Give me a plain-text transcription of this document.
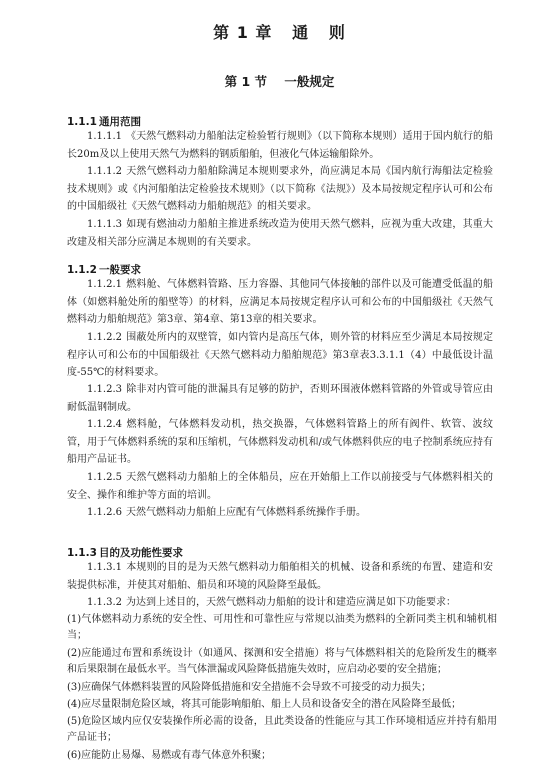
第 1 章   通   则
第 1 节    一般规定
1.1.1 通用范围
1.1.1.1 《天然气燃料动力船舶法定检验暂行规则》（以下简称本规则）适用于国内航行的船长20m及以上使用天然气为燃料的钢质船舶，但液化气体运输船除外。
1.1.1.2 天然气燃料动力船舶除满足本规则要求外，尚应满足本局《国内航行海船法定检验技术规则》或《内河船舶法定检验技术规则》（以下简称《法规》）及本局按规定程序认可和公布的中国船级社《天然气燃料动力船舶规范》的相关要求。
1.1.1.3 如现有燃油动力船舶主推进系统改造为使用天然气燃料，应视为重大改建，其重大改建及相关部分应满足本规则的有关要求。
1.1.2 一般要求
1.1.2.1 燃料舱、气体燃料管路、压力容器、其他同气体接触的部件以及可能遭受低温的船体（如燃料舱处所的船壁等）的材料，应满足本局按规定程序认可和公布的中国船级社《天然气燃料动力船舶规范》第3章、第4章、第13章的相关要求。
1.1.2.2 围蔽处所内的双壁管，如内管内是高压气体，则外管的材料应至少满足本局按规定程序认可和公布的中国船级社《天然气燃料动力船舶规范》第3章表3.3.1.1（4）中最低设计温度-55℃的材料要求。
1.1.2.3 除非对内管可能的泄漏具有足够的防护，否则环围液体燃料管路的外管或导管应由耐低温钢制成。
1.1.2.4 燃料舱，气体燃料发动机，热交换器，气体燃料管路上的所有阀件、软管、波纹管，用于气体燃料系统的泵和压缩机，气体燃料发动机和/或气体燃料供应的电子控制系统应持有船用产品证书。
1.1.2.5 天然气燃料动力船舶上的全体船员，应在开始船上工作以前接受与气体燃料相关的安全、操作和维护等方面的培训。
1.1.2.6 天然气燃料动力船舶上应配有气体燃料系统操作手册。
1.1.3 目的及功能性要求
1.1.3.1 本规则的目的是为天然气燃料动力船舶相关的机械、设备和系统的布置、建造和安装提供标准，并使其对船舶、船员和环境的风险降至最低。
1.1.3.2 为达到上述目的，天然气燃料动力船舶的设计和建造应满足如下功能要求：
(1)气体燃料动力系统的安全性、可用性和可靠性应与常规以油类为燃料的全新同类主机和辅机相当；
(2)应能通过布置和系统设计（如通风、探测和安全措施）将与气体燃料相关的危险所发生的概率和后果限制在最低水平。当气体泄漏或风险降低措施失效时，应启动必要的安全措施；
(3)应确保气体燃料装置的风险降低措施和安全措施不会导致不可接受的动力损失；
(4)应尽量限制危险区域，将其可能影响船舶、船上人员和设备安全的潜在风险降至最低；
(5)危险区域内应仅安装操作所必需的设备，且此类设备的性能应与其工作环境相适应并持有船用产品证书；
(6)应能防止易爆、易燃或有毒气体意外积聚；
